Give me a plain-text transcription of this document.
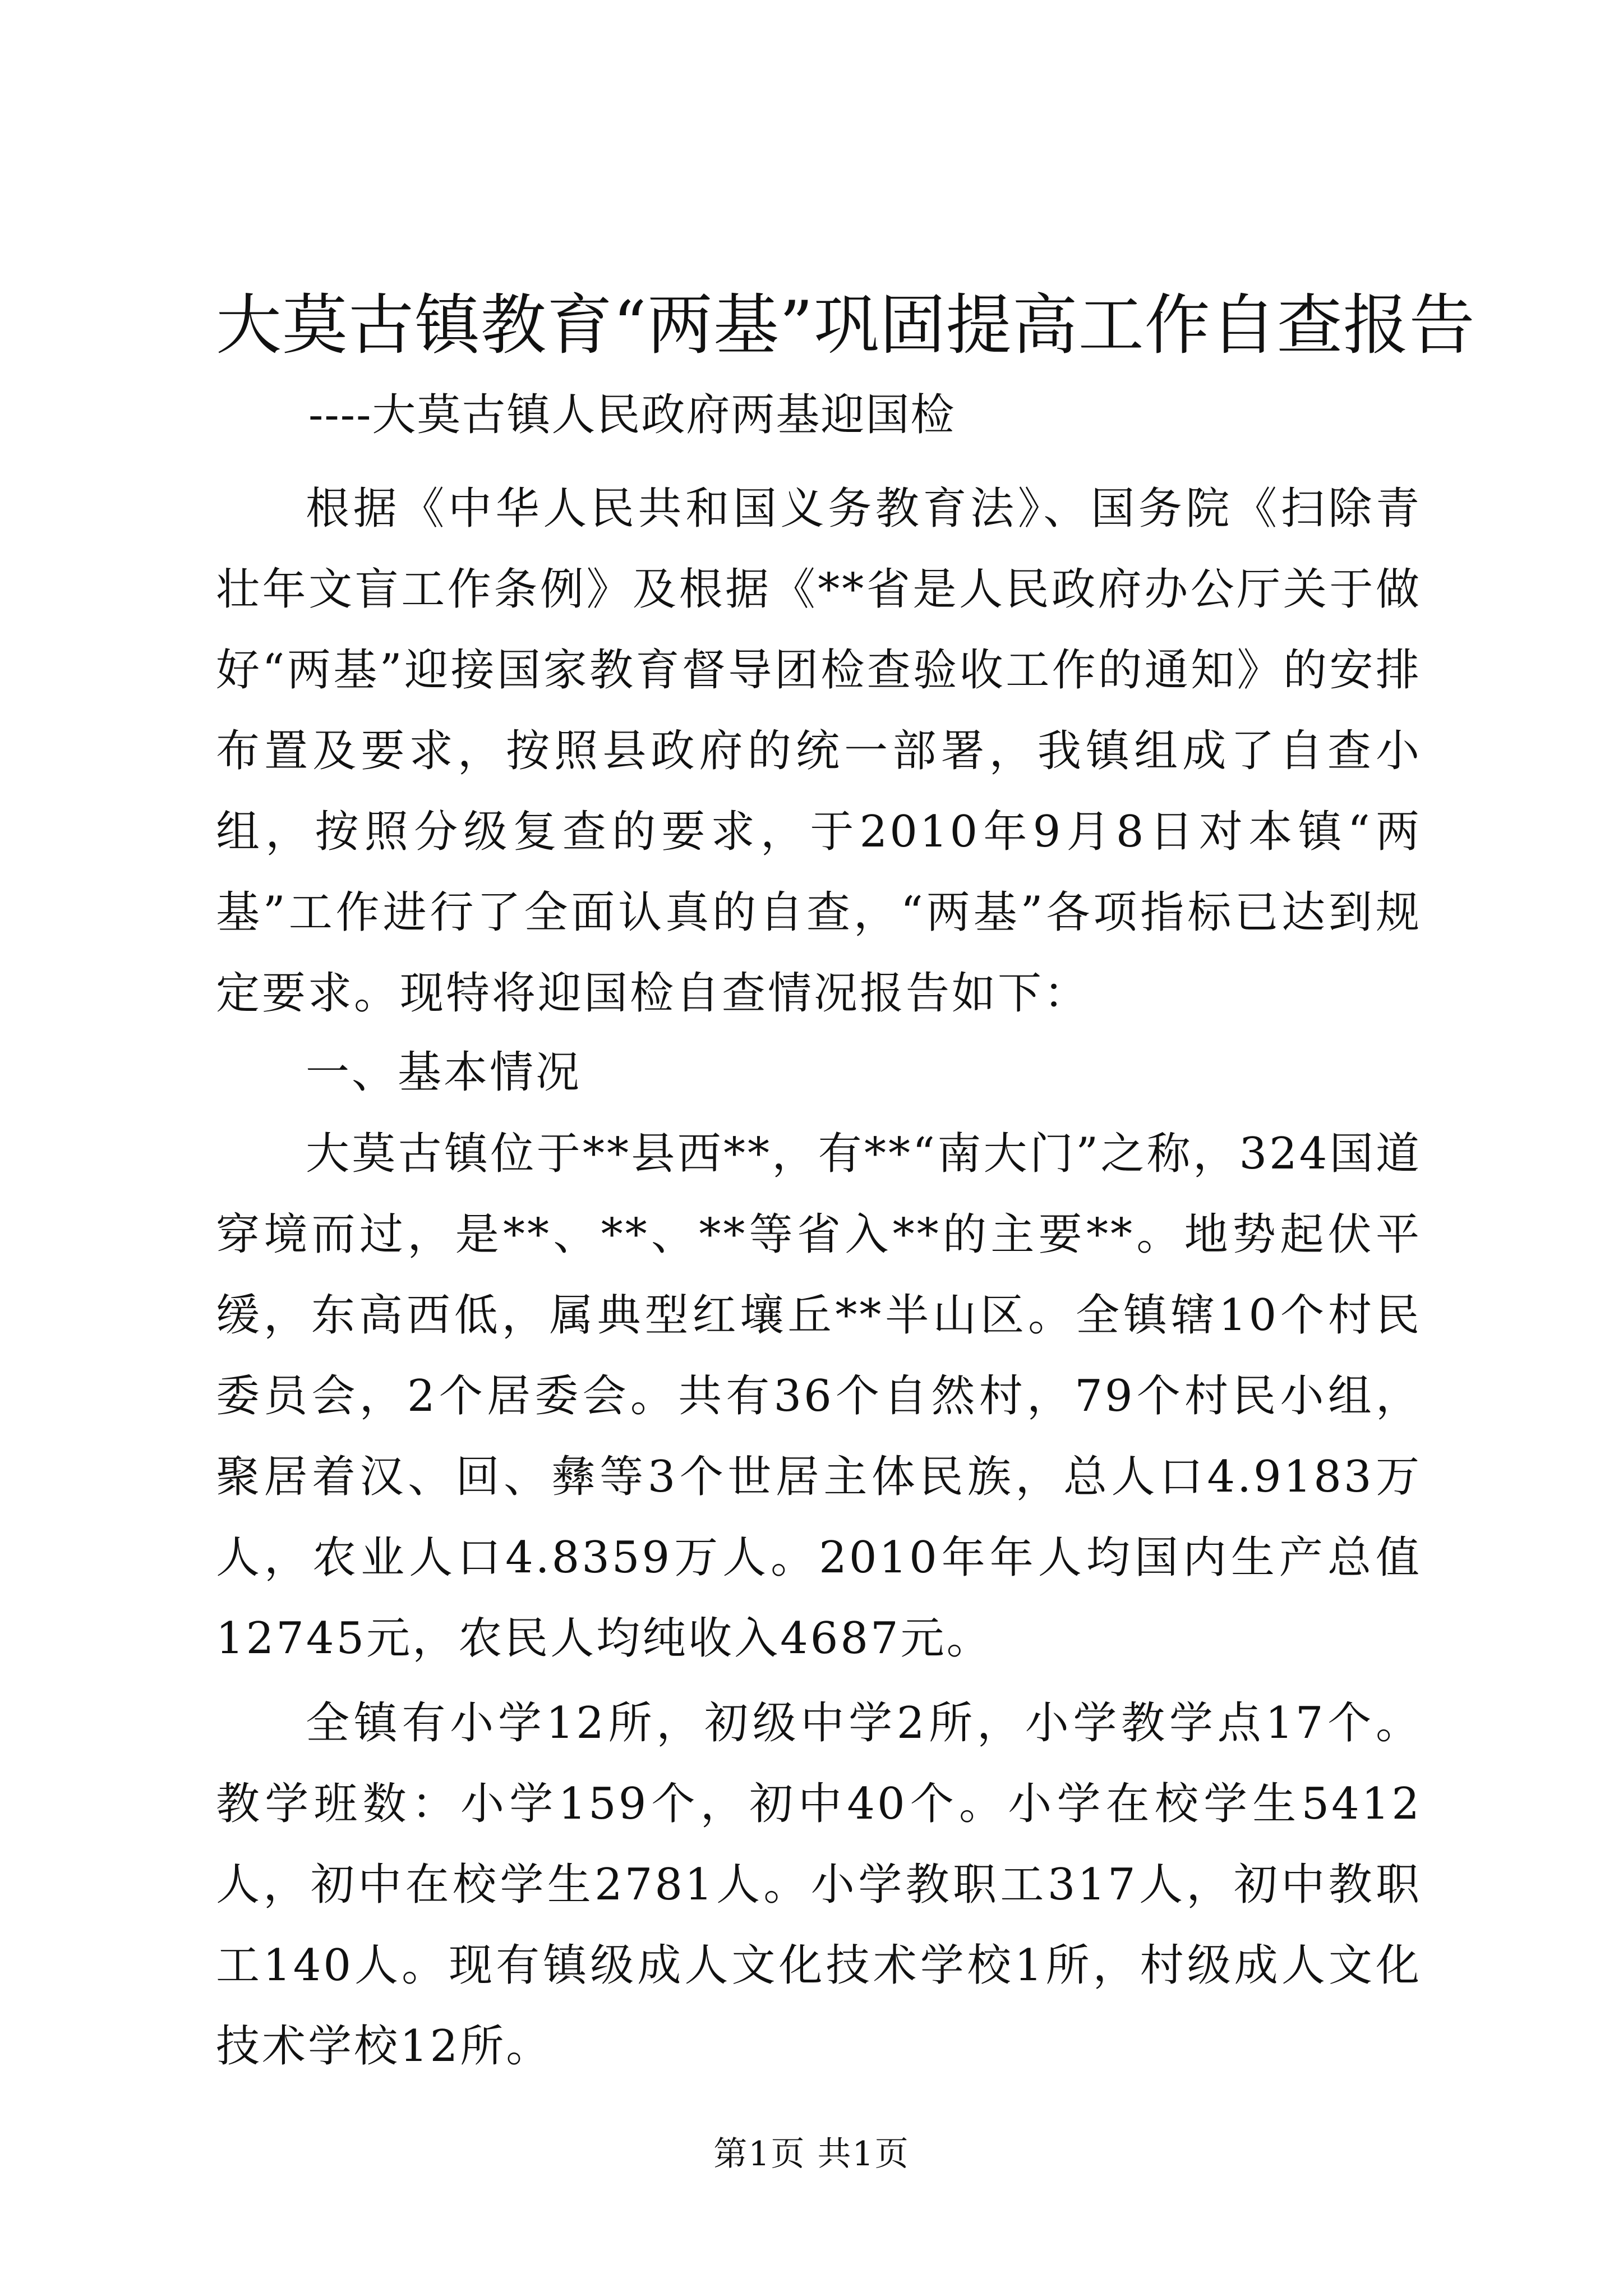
大莫古镇教育“两基”巩固提高工作自查报告
----大莫古镇人民政府两基迎国检

根据《中华人民共和国义务教育法》、国务院《扫除青壮年文盲工作条例》及根据《**省是人民政府办公厅关于做好“两基”迎接国家教育督导团检查验收工作的通知》的安排布置及要求，按照县政府的统一部署，我镇组成了自查小组，按照分级复查的要求，于2010年9月8日对本镇“两基”工作进行了全面认真的自查，“两基”各项指标已达到规定要求。现特将迎国检自查情况报告如下：

一、基本情况

大莫古镇位于**县西**，有**“南大门”之称，324国道穿境而过，是**、**、**等省入**的主要**。地势起伏平缓，东高西低，属典型红壤丘**半山区。全镇辖10个村民委员会，2个居委会。共有36个自然村，79个村民小组，聚居着汉、回、彝等3个世居主体民族，总人口4.9183万人，农业人口4.8359万人。2010年年人均国内生产总值12745元，农民人均纯收入4687元。

全镇有小学12所，初级中学2所，小学教学点17个。教学班数：小学159个，初中40个。小学在校学生5412人，初中在校学生2781人。小学教职工317人，初中教职工140人。现有镇级成人文化技术学校1所，村级成人文化技术学校12所。

第1页 共1页
